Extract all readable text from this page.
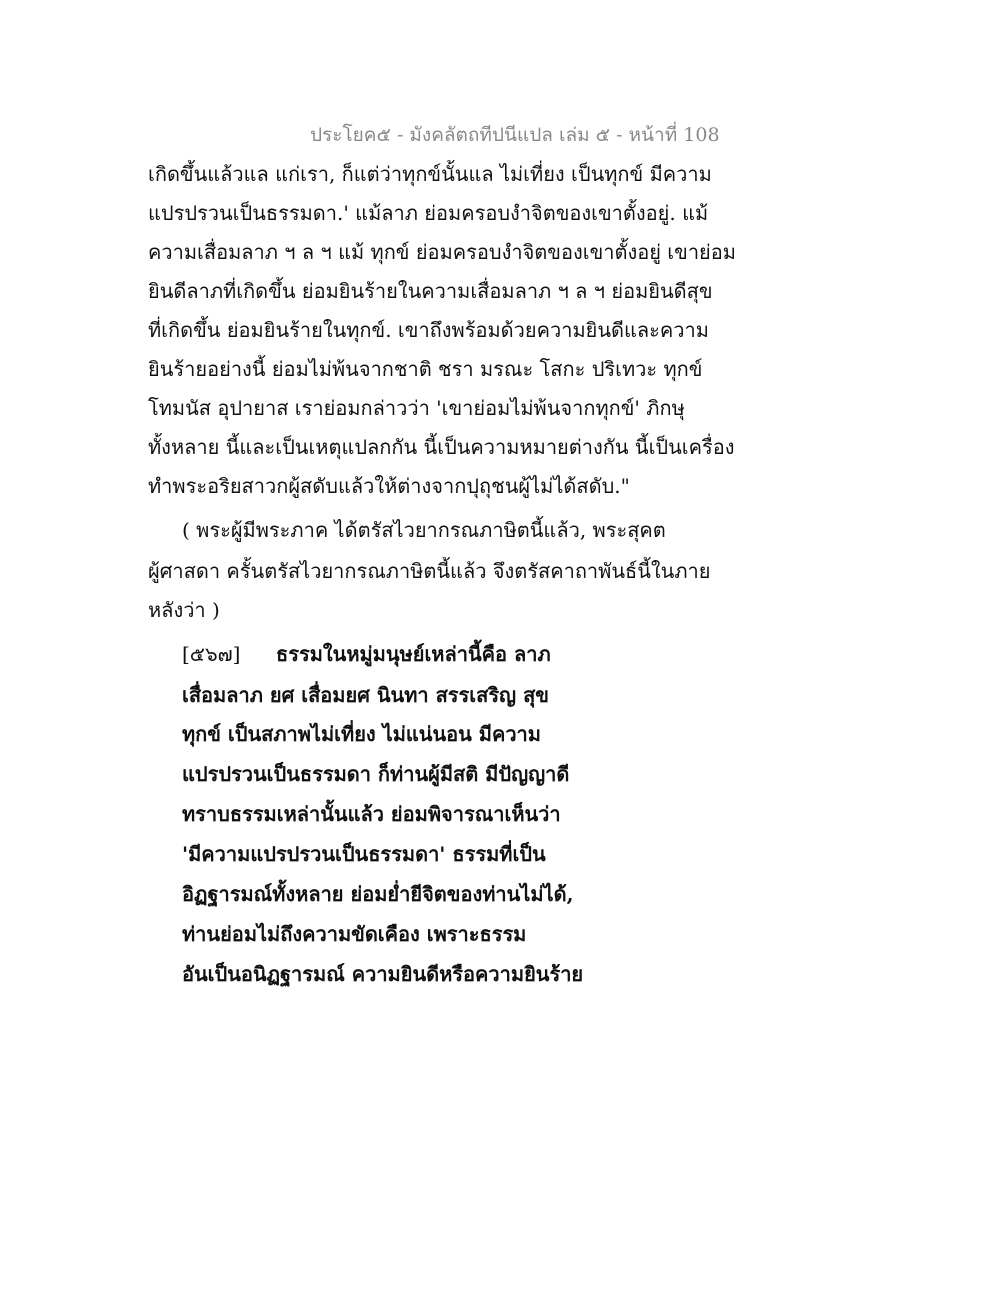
ประโยค๕ - มังคลัตถทีปนีแปล เล่ม ๕ - หน้าที่ 108
เกิดขึ้นแล้วแล แก่เรา, ก็แต่ว่าทุกข์นั้นแล ไม่เที่ยง เป็นทุกข์ มีความ
แปรปรวนเป็นธรรมดา.' แม้ลาภ ย่อมครอบงำจิตของเขาตั้งอยู่. แม้
ความเสื่อมลาภ ฯ ล ฯ แม้ ทุกข์ ย่อมครอบงำจิตของเขาตั้งอยู่ เขาย่อม
ยินดีลาภที่เกิดขึ้น ย่อมยินร้ายในความเสื่อมลาภ ฯ ล ฯ ย่อมยินดีสุข
ที่เกิดขึ้น ย่อมยินร้ายในทุกข์. เขาถึงพร้อมด้วยความยินดีและความ
ยินร้ายอย่างนี้ ย่อมไม่พ้นจากชาติ ชรา มรณะ โสกะ ปริเทวะ ทุกข์
โทมนัส อุปายาส เราย่อมกล่าวว่า 'เขาย่อมไม่พ้นจากทุกข์' ภิกษุ
ทั้งหลาย นี้และเป็นเหตุแปลกกัน นี้เป็นความหมายต่างกัน นี้เป็นเครื่อง
ทำพระอริยสาวกผู้สดับแล้วให้ต่างจากปุถุชนผู้ไม่ได้สดับ."
( พระผู้มีพระภาค ได้ตรัสไวยากรณภาษิตนี้แล้ว, พระสุคต
ผู้ศาสดา ครั้นตรัสไวยากรณภาษิตนี้แล้ว จึงตรัสคาถาพันธ์นี้ในภาย
หลังว่า )
[๕๖๗] ธรรมในหมู่มนุษย์เหล่านี้คือ ลาภ
เสื่อมลาภ ยศ เสื่อมยศ นินทา สรรเสริญ สุข
ทุกข์ เป็นสภาพไม่เที่ยง ไม่แน่นอน มีความ
แปรปรวนเป็นธรรมดา ก็ท่านผู้มีสติ มีปัญญาดี
ทราบธรรมเหล่านั้นแล้ว ย่อมพิจารณาเห็นว่า
'มีความแปรปรวนเป็นธรรมดา' ธรรมที่เป็น
อิฏฐารมณ์ทั้งหลาย ย่อมย่ำยีจิตของท่านไม่ได้,
ท่านย่อมไม่ถึงความขัดเคือง เพราะธรรม
อันเป็นอนิฏฐารมณ์ ความยินดีหรือความยินร้าย
